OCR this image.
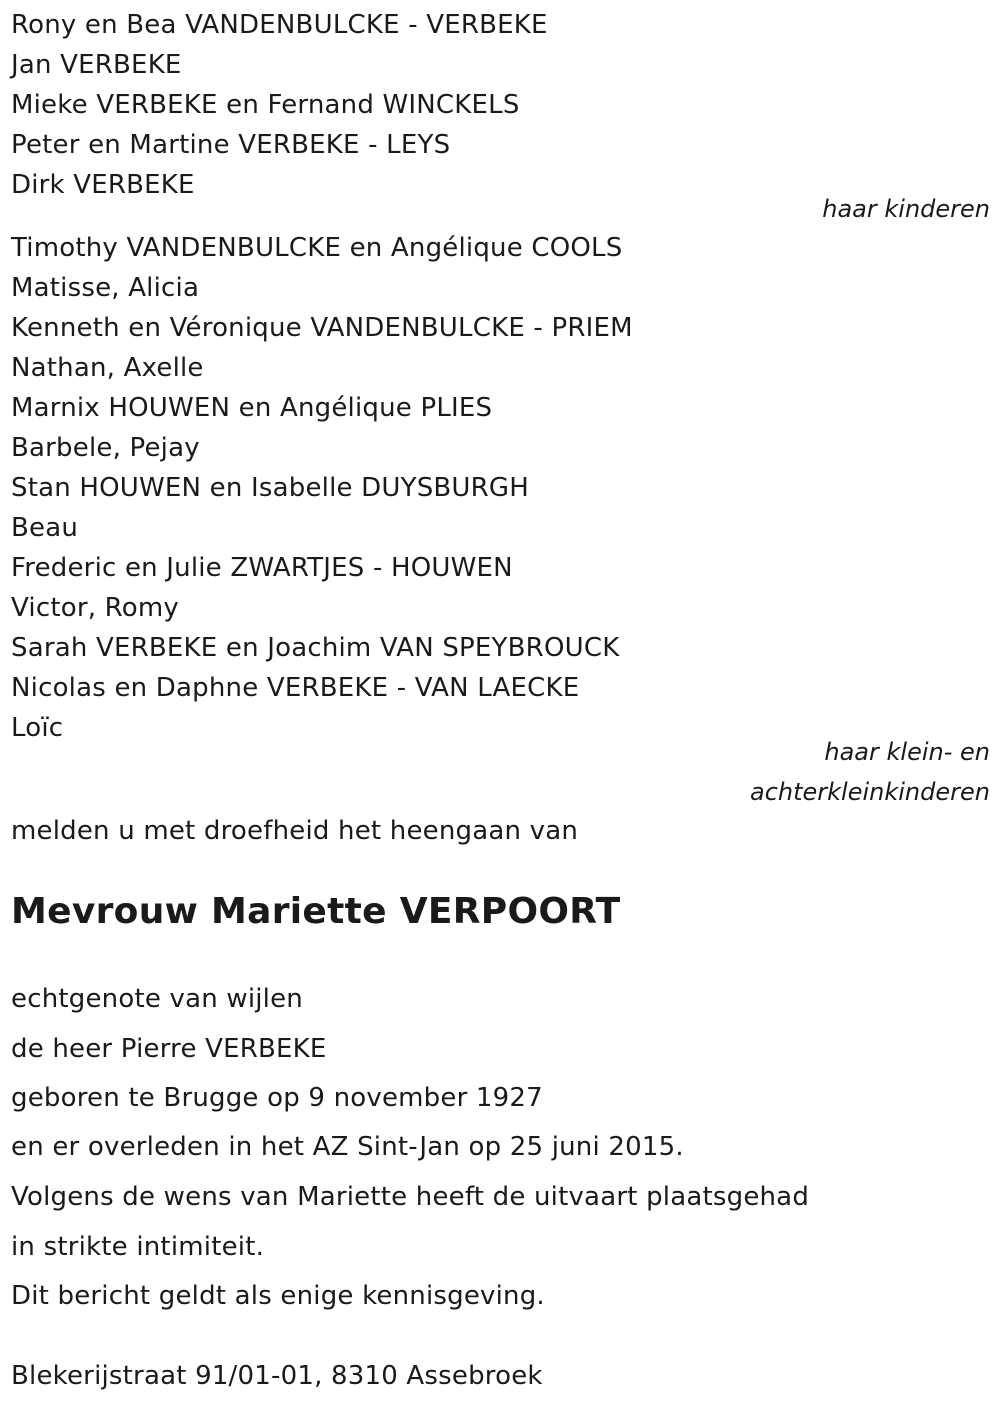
Rony en Bea VANDENBULCKE - VERBEKE
Jan VERBEKE
Mieke VERBEKE en Fernand WINCKELS
Peter en Martine VERBEKE - LEYS
Dirk VERBEKE
haar kinderen
Timothy VANDENBULCKE en Angélique COOLS
Matisse, Alicia
Kenneth en Véronique VANDENBULCKE - PRIEM
Nathan, Axelle
Marnix HOUWEN en Angélique PLIES
Barbele, Pejay
Stan HOUWEN en Isabelle DUYSBURGH
Beau
Frederic en Julie ZWARTJES - HOUWEN
Victor, Romy
Sarah VERBEKE en Joachim VAN SPEYBROUCK
Nicolas en Daphne VERBEKE - VAN LAECKE
Loïc
haar klein- en
achterkleinkinderen
melden u met droefheid het heengaan van
Mevrouw Mariette VERPOORT
echtgenote van wijlen
de heer Pierre VERBEKE
geboren te Brugge op 9 november 1927
en er overleden in het AZ Sint-Jan op 25 juni 2015.
Volgens de wens van Mariette heeft de uitvaart plaatsgehad
in strikte intimiteit.
Dit bericht geldt als enige kennisgeving.
Blekerijstraat 91/01-01, 8310 Assebroek
